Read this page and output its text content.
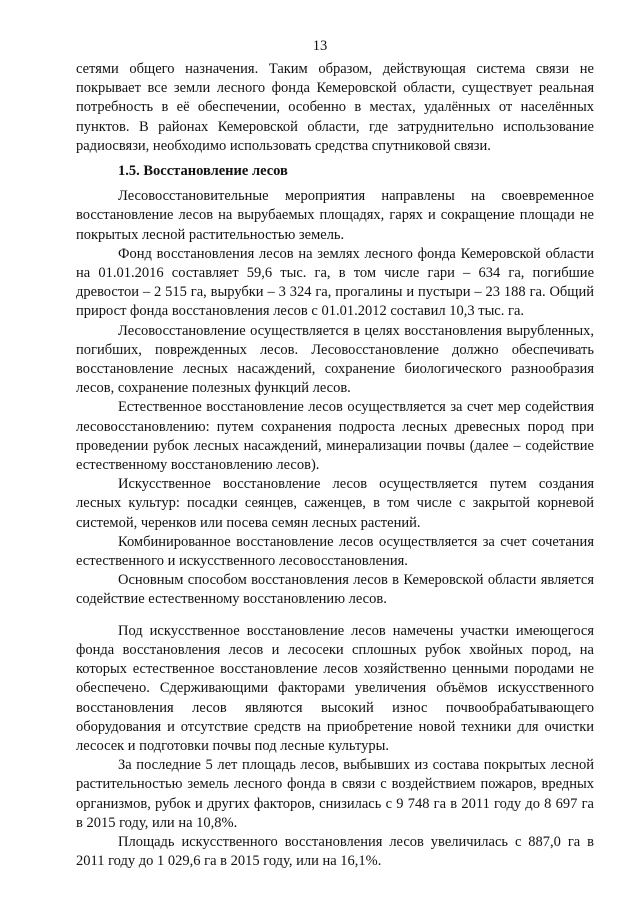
13

сетями общего назначения. Таким образом, действующая система связи не покрывает все земли лесного фонда Кемеровской области, существует реальная потребность в её обеспечении, особенно в местах, удалённых от населённых пунктов. В районах Кемеровской области, где затруднительно использование радиосвязи, необходимо использовать средства спутниковой связи.

1.5. Восстановление лесов

Лесовосстановительные мероприятия направлены на своевременное восстановление лесов на вырубаемых площадях, гарях и сокращение площади не покрытых лесной растительностью земель.

Фонд восстановления лесов на землях лесного фонда Кемеровской области на 01.01.2016 составляет 59,6 тыс. га, в том числе гари – 634 га, погибшие древостои – 2 515 га, вырубки – 3 324 га, прогалины и пустыри – 23 188 га. Общий прирост фонда восстановления лесов с 01.01.2012 составил 10,3 тыс. га.

Лесовосстановление осуществляется в целях восстановления вырубленных, погибших, поврежденных лесов. Лесовосстановление должно обеспечивать восстановление лесных насаждений, сохранение биологического разнообразия лесов, сохранение полезных функций лесов.

Естественное восстановление лесов осуществляется за счет мер содействия лесовосстановлению: путем сохранения подроста лесных древесных пород при проведении рубок лесных насаждений, минерализации почвы (далее – содействие естественному восстановлению лесов).

Искусственное восстановление лесов осуществляется путем создания лесных культур: посадки сеянцев, саженцев, в том числе с закрытой корневой системой, черенков или посева семян лесных растений.

Комбинированное восстановление лесов осуществляется за счет сочетания естественного и искусственного лесовосстановления.

Основным способом восстановления лесов в Кемеровской области является содействие естественному восстановлению лесов.

Под искусственное восстановление лесов намечены участки имеющегося фонда восстановления лесов и лесосеки сплошных рубок хвойных пород, на которых естественное восстановление лесов хозяйственно ценными породами не обеспечено. Сдерживающими факторами увеличения объёмов искусственного восстановления лесов являются высокий износ почвообрабатывающего оборудования и отсутствие средств на приобретение новой техники для очистки лесосек и подготовки почвы под лесные культуры.

За последние 5 лет площадь лесов, выбывших из состава покрытых лесной растительностью земель лесного фонда в связи с воздействием пожаров, вредных организмов, рубок и других факторов, снизилась с 9 748 га в 2011 году до 8 697 га в 2015 году, или на 10,8%.

Площадь искусственного восстановления лесов увеличилась с 887,0 га в 2011 году до 1 029,6 га в 2015 году, или на 16,1%.
